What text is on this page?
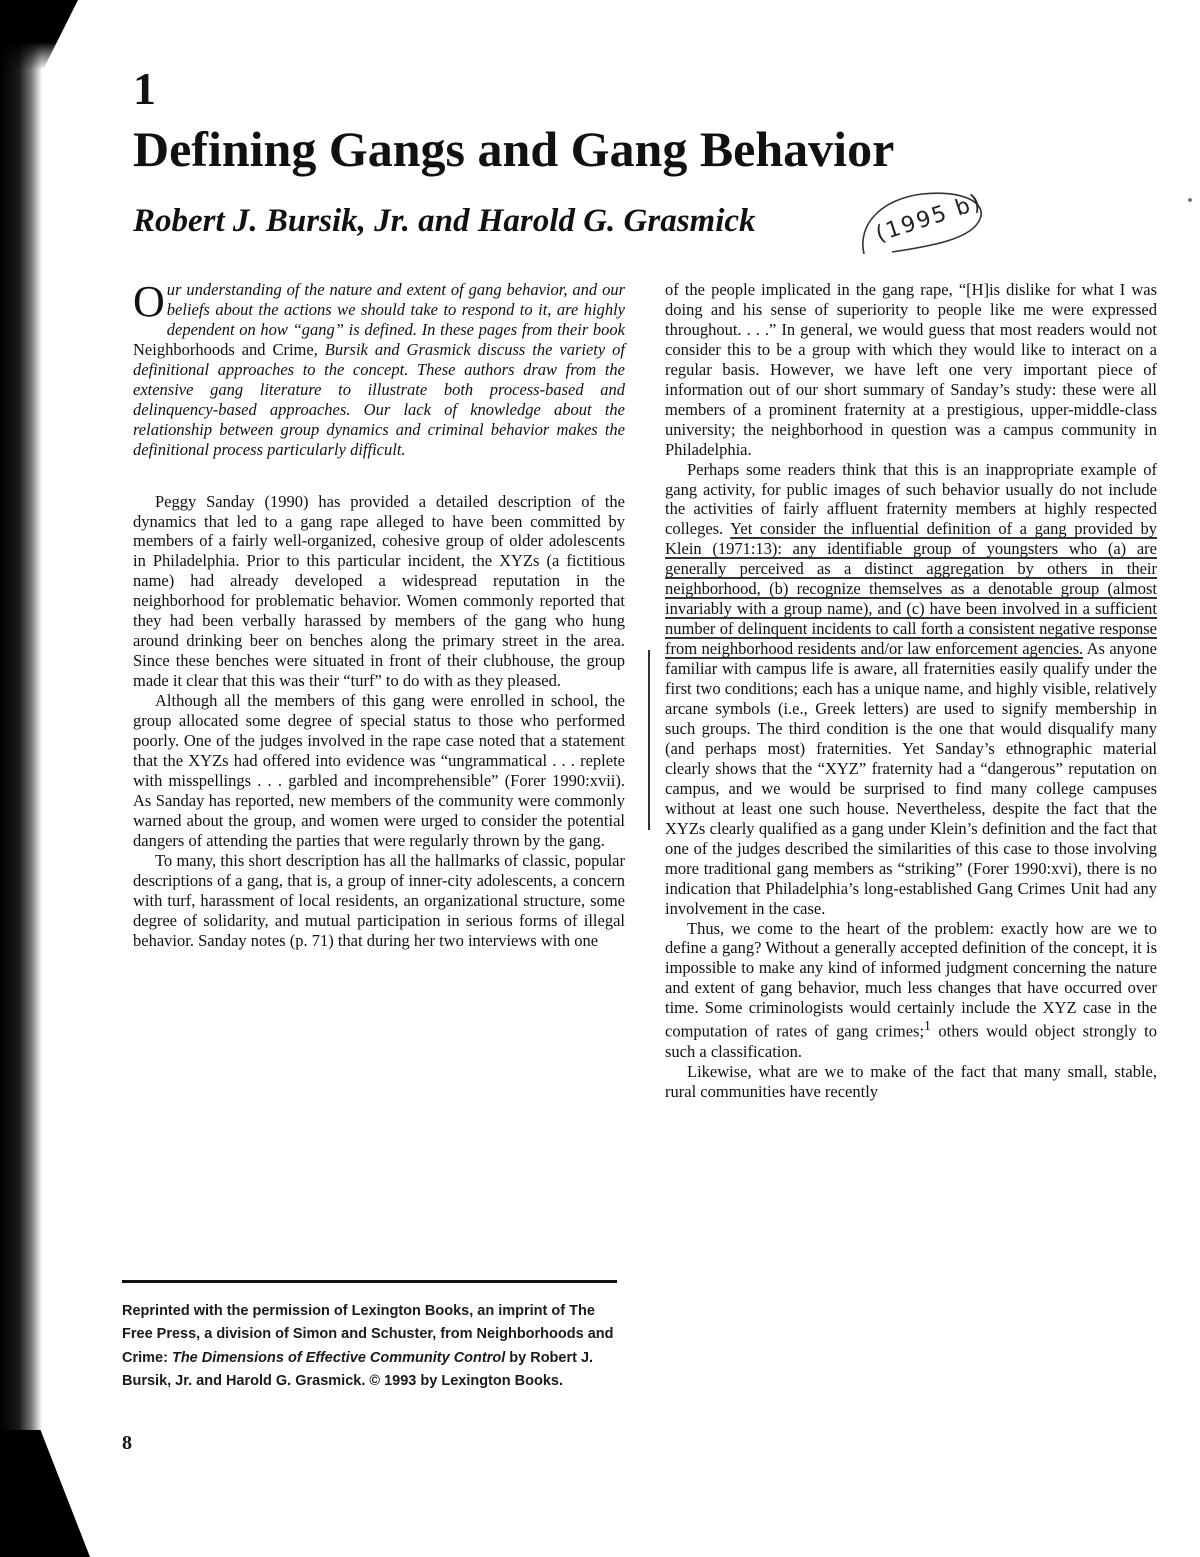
1
Defining Gangs and Gang Behavior
Robert J. Bursik, Jr. and Harold G. Grasmick	(1995 b)

Our understanding of the nature and extent of gang behavior, and our beliefs about the actions we should take to respond to it, are highly dependent on how “gang” is defined. In these pages from their book Neighborhoods and Crime, Bursik and Grasmick discuss the variety of definitional approaches to the concept. These authors draw from the extensive gang literature to illustrate both process-based and delinquency-based approaches. Our lack of knowledge about the relationship between group dynamics and criminal behavior makes the definitional process particularly difficult.

Peggy Sanday (1990) has provided a detailed description of the dynamics that led to a gang rape alleged to have been committed by members of a fairly well-organized, cohesive group of older adolescents in Philadelphia. Prior to this particular incident, the XYZs (a fictitious name) had already developed a widespread reputation in the neighborhood for problematic behavior. Women commonly reported that they had been verbally harassed by members of the gang who hung around drinking beer on benches along the primary street in the area. Since these benches were situated in front of their clubhouse, the group made it clear that this was their “turf” to do with as they pleased.

Although all the members of this gang were enrolled in school, the group allocated some degree of special status to those who performed poorly. One of the judges involved in the rape case noted that a statement that the XYZs had offered into evidence was “ungrammatical . . . replete with misspellings . . . garbled and incomprehensible” (Forer 1990:xvii). As Sanday has reported, new members of the community were commonly warned about the group, and women were urged to consider the potential dangers of attending the parties that were regularly thrown by the gang.

To many, this short description has all the hallmarks of classic, popular descriptions of a gang, that is, a group of inner-city adolescents, a concern with turf, harassment of local residents, an organizational structure, some degree of solidarity, and mutual participation in serious forms of illegal behavior. Sanday notes (p. 71) that during her two interviews with one

of the people implicated in the gang rape, “[H]is dislike for what I was doing and his sense of superiority to people like me were expressed throughout. . . .” In general, we would guess that most readers would not consider this to be a group with which they would like to interact on a regular basis. However, we have left one very important piece of information out of our short summary of Sanday’s study: these were all members of a prominent fraternity at a prestigious, upper-middle-class university; the neighborhood in question was a campus community in Philadelphia.

Perhaps some readers think that this is an inappropriate example of gang activity, for public images of such behavior usually do not include the activities of fairly affluent fraternity members at highly respected colleges. Yet consider the influential definition of a gang provided by Klein (1971:13): any identifiable group of youngsters who (a) are generally perceived as a distinct aggregation by others in their neighborhood, (b) recognize themselves as a denotable group (almost invariably with a group name), and (c) have been involved in a sufficient number of delinquent incidents to call forth a consistent negative response from neighborhood residents and/or law enforcement agencies. As anyone familiar with campus life is aware, all fraternities easily qualify under the first two conditions; each has a unique name, and highly visible, relatively arcane symbols (i.e., Greek letters) are used to signify membership in such groups. The third condition is the one that would disqualify many (and perhaps most) fraternities. Yet Sanday’s ethnographic material clearly shows that the “XYZ” fraternity had a “dangerous” reputation on campus, and we would be surprised to find many college campuses without at least one such house. Nevertheless, despite the fact that the XYZs clearly qualified as a gang under Klein’s definition and the fact that one of the judges described the similarities of this case to those involving more traditional gang members as “striking” (Forer 1990:xvi), there is no indication that Philadelphia’s long-established Gang Crimes Unit had any involvement in the case.

Thus, we come to the heart of the problem: exactly how are we to define a gang? Without a generally accepted definition of the concept, it is impossible to make any kind of informed judgment concerning the nature and extent of gang behavior, much less changes that have occurred over time. Some criminologists would certainly include the XYZ case in the computation of rates of gang crimes;$^1$ others would object strongly to such a classification.

Likewise, what are we to make of the fact that many small, stable, rural communities have recently

Reprinted with the permission of Lexington Books, an imprint of The Free Press, a division of Simon and Schuster, from Neighborhoods and Crime: The Dimensions of Effective Community Control by Robert J. Bursik, Jr. and Harold G. Grasmick. © 1993 by Lexington Books.

8
